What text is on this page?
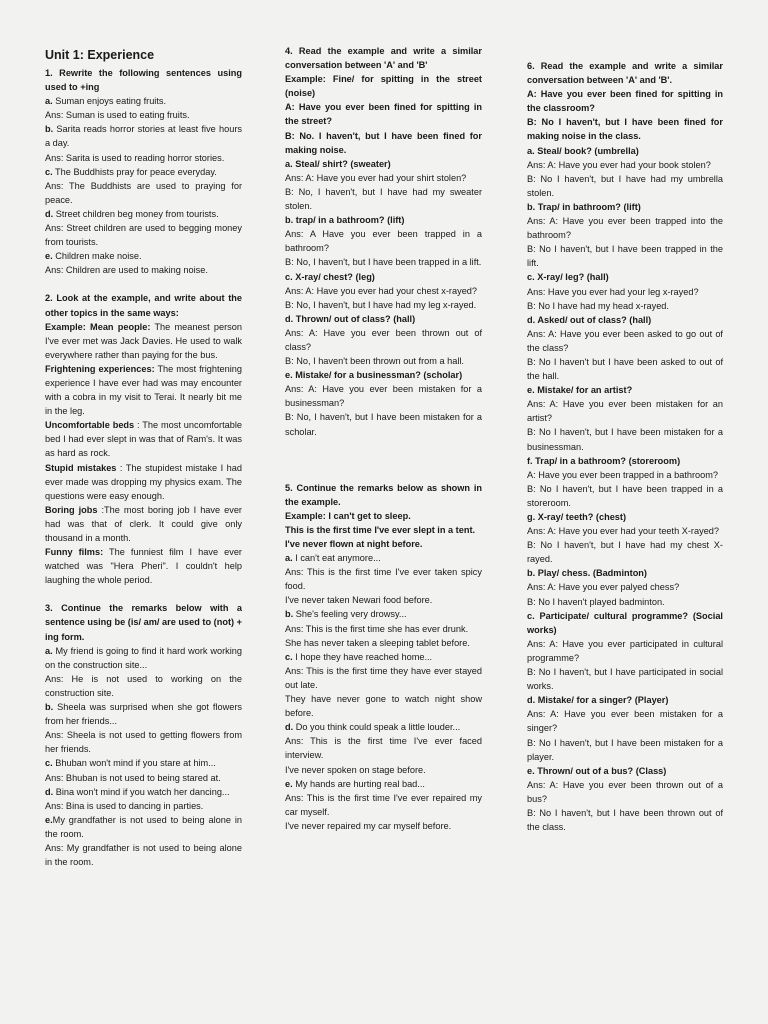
Unit 1: Experience

1. Rewrite the following sentences using used to +ing

a. Suman enjoys eating fruits.

Ans: Suman is used to eating fruits.

b. Sarita reads horror stories at least five hours a day.

Ans: Sarita is used to reading horror stories.

c. The Buddhists pray for peace everyday.

Ans: The Buddhists are used to praying for peace.

d. Street children beg money from tourists.

Ans: Street children are used to begging money from tourists.

e. Children make noise.

Ans: Children are used to making noise.

2. Look at the example, and write about the other topics in the same ways:

Example: Mean people: The meanest person I've ever met was Jack Davies. He used to walk everywhere rather than paying for the bus.

Frightening experiences: The most frightening experience I have ever had was may encounter with a cobra in my visit to Terai. It nearly bit me in the leg.

Uncomfortable beds : The most uncomfortable bed I had ever slept in was that of Ram's. It was as hard as rock.

Stupid mistakes : The stupidest mistake I had ever made was dropping my physics exam. The questions were easy enough.

Boring jobs :The most boring job I have ever had was that of clerk. It could give only thousand in a month.

Funny films: The funniest film I have ever watched was "Hera Pheri". I couldn't help laughing the whole period.

3. Continue the remarks below with a sentence using be (is/ am/ are used to (not) + ing form.

a. My friend is going to find it hard work working on the construction site...

Ans: He is not used to working on the construction site.

b. Sheela was surprised when she got flowers from her friends...

Ans: Sheela is not used to getting flowers from her friends.

c. Bhuban won't mind if you stare at him...

Ans: Bhuban is not used to being stared at.

d. Bina won't mind if you watch her dancing...

Ans: Bina is used to dancing in parties.

e.My grandfather is not used to being alone in the room.

Ans: My grandfather is not used to being alone in the room.

4. Read the example and write a similar conversation between 'A' and 'B'

Example: Fine/ for spitting in the street (noise)

A: Have you ever been fined for spitting in the street?

B: No. I haven't, but I have been fined for making noise.

a. Steal/ shirt? (sweater)

Ans: A: Have you ever had your shirt stolen?

B: No, I haven't, but I have had my sweater stolen.

b. trap/ in a bathroom? (lift)

Ans: A Have you ever been trapped in a bathroom?

B: No, I haven't, but I have been trapped in a lift.

c. X-ray/ chest? (leg)

Ans: A: Have you ever had your chest x-rayed?

B: No, I haven't, but I have had my leg x-rayed.

d. Thrown/ out of class? (hall)

Ans: A: Have you ever been thrown out of class?

B: No, I haven't been thrown out from a hall.

e. Mistake/ for a businessman? (scholar)

Ans: A: Have you ever been mistaken for a businessman?

B: No, I haven't, but I have been mistaken for a scholar.

5. Continue the remarks below as shown in the example.

Example: I can't get to sleep.

This is the first time I've ever slept in a tent.

I've never flown at night before.

a. I can't eat anymore...

Ans: This is the first time I've ever taken spicy food.

I've never taken Newari food before.

b. She's feeling very drowsy...

Ans: This is the first time she has ever drunk.

She has never taken a sleeping tablet before.

c. I hope they have reached home...

Ans: This is the first time they have ever stayed out late.

They have never gone to watch night show before.

d. Do you think could speak a little louder...

Ans: This is the first time I've ever faced interview.

I've never spoken on stage before.

e. My hands are hurting real bad...

Ans: This is the first time I've ever repaired my car myself.

I've never repaired my car myself before.

6. Read the example and write a similar conversation between 'A' and 'B'.

A: Have you ever been fined for spitting in the classroom?

B: No I haven't, but I have been fined for making noise in the class.

a. Steal/ book? (umbrella)

Ans: A: Have you ever had your book stolen?

B: No I haven't, but I have had my umbrella stolen.

b. Trap/ in bathroom? (lift)

Ans: A: Have you ever been trapped into the bathroom?

B: No I haven't, but I have been trapped in the lift.

c. X-ray/ leg? (hall)

Ans: Have you ever had your leg x-rayed?

B: No I have had my head x-rayed.

d. Asked/ out of class? (hall)

Ans: A: Have you ever been asked to go out of the class?

B: No I haven't but I have been asked to out of the hall.

e. Mistake/ for an artist?

Ans: A: Have you ever been mistaken for an artist?

B: No I haven't, but I have been mistaken for a businessman.

f. Trap/ in a bathroom? (storeroom)

A: Have you ever been trapped in a bathroom?

B: No I haven't, but I have been trapped in a storeroom.

g. X-ray/ teeth? (chest)

Ans: A: Have you ever had your teeth X-rayed?

B: No I haven't, but I have had my chest X-rayed.

b. Play/ chess. (Badminton)

Ans: A: Have you ever palyed chess?

B: No I haven't played badminton.

c. Participate/ cultural programme? (Social works)

Ans: A: Have you ever participated in cultural programme?

B: No I haven't, but I have participated in social works.

d. Mistake/ for a singer? (Player)

Ans: A: Have you ever been mistaken for a singer?

B: No I haven't, but I have been mistaken for a player.

e. Thrown/ out of a bus? (Class)

Ans: A: Have you ever been thrown out of a bus?

B: No I haven't, but I have been thrown out of the class.
